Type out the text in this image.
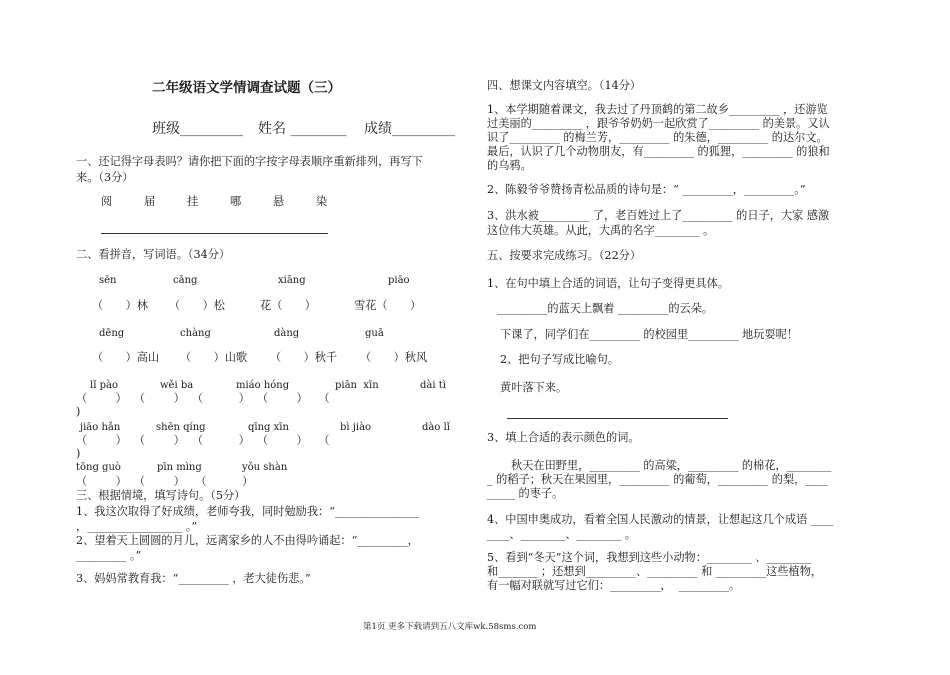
二年级语文学情调查试题（三）
班级_________ 姓名 ________ 成绩_________
一、还记得字母表吗？请你把下面的字按字母表顺序重新排列，再写下
来。（3分）
阅	届	挂	哪	悬	染
二、看拼音，写词语。（34分）
sēn	cāng	xiāng	piāo
（　　）林 （　　）松	花（　　）	雪花（　　）
dēng	chàng	dàng	guā
（　　）高山 （　　）山歌 （　　）秋千 （　　）秋风
lǐ pào	wěi ba	miáo hóng	piān  xīn	dài tì
（        ）  （        ）  （          ）  （        ）   （
)
jiāo hǎn	shēn qíng	qīng xīn	bì jiào	dào lǐ
（        ）  （        ）  （          ）  （        ）   （
)
tōng guò	pīn mìng	yǒu shàn
（        ）  （        ）   （          ）
三、根据情境，填写诗句。（5分）
1、我这次取得了好成绩，老师夸我，同时勉励我：“_______________
，_________________ 。”
2、望着天上圆圆的月儿，远离家乡的人不由得吟诵起：“_________，
_________ 。”
3、妈妈常教育我：“_________ ，老大徒伤悲。”
四、想课文内容填空。（14分）
1、本学期随着课文，我去过了丹顶鹤的第二故乡_________ ，还游览
过美丽的_________ ，跟爷爷奶奶一起欣赏了_________ 的美景。又认
识了_________ 的梅兰芳，_________ 的朱德，_________ 的达尔文。
最后，认识了几个动物朋友，有_________ 的狐狸，_________ 的狼和
的乌鸦。
2、陈毅爷爷赞扬青松品质的诗句是：“ _________，_________。”
3、洪水被_________ 了，老百姓过上了_________ 的日子，大家 感激
这位伟大英雄。从此，大禹的名字________ 。
五、按要求完成练习。（22分）
1、在句中填上合适的词语，让句子变得更具体。
_________的蓝天上飘着 _________的云朵。
下课了，同学们在_________ 的校园里_________ 地玩耍呢！
2、把句子写成比喻句。
黄叶落下来。
3、填上合适的表示颜色的词。
秋天在田野里，_________ 的高粱，_________ 的棉花，________
_ 的稻子；秋天在果园里，_________ 的葡萄，_________ 的梨，____
_____ 的枣子。
4、中国申奥成功，看着全国人民激动的情景，让想起这几个成语 ____
____、________、________ 。
5、看到“冬天”这个词，我想到这些小动物：________ 、________
和_______ ；还想到_________、_________ 和 _________这些植物，
有一幅对联就写过它们：_________，  _________。
第1页 更多下载请到五八文库wk.58sms.com
